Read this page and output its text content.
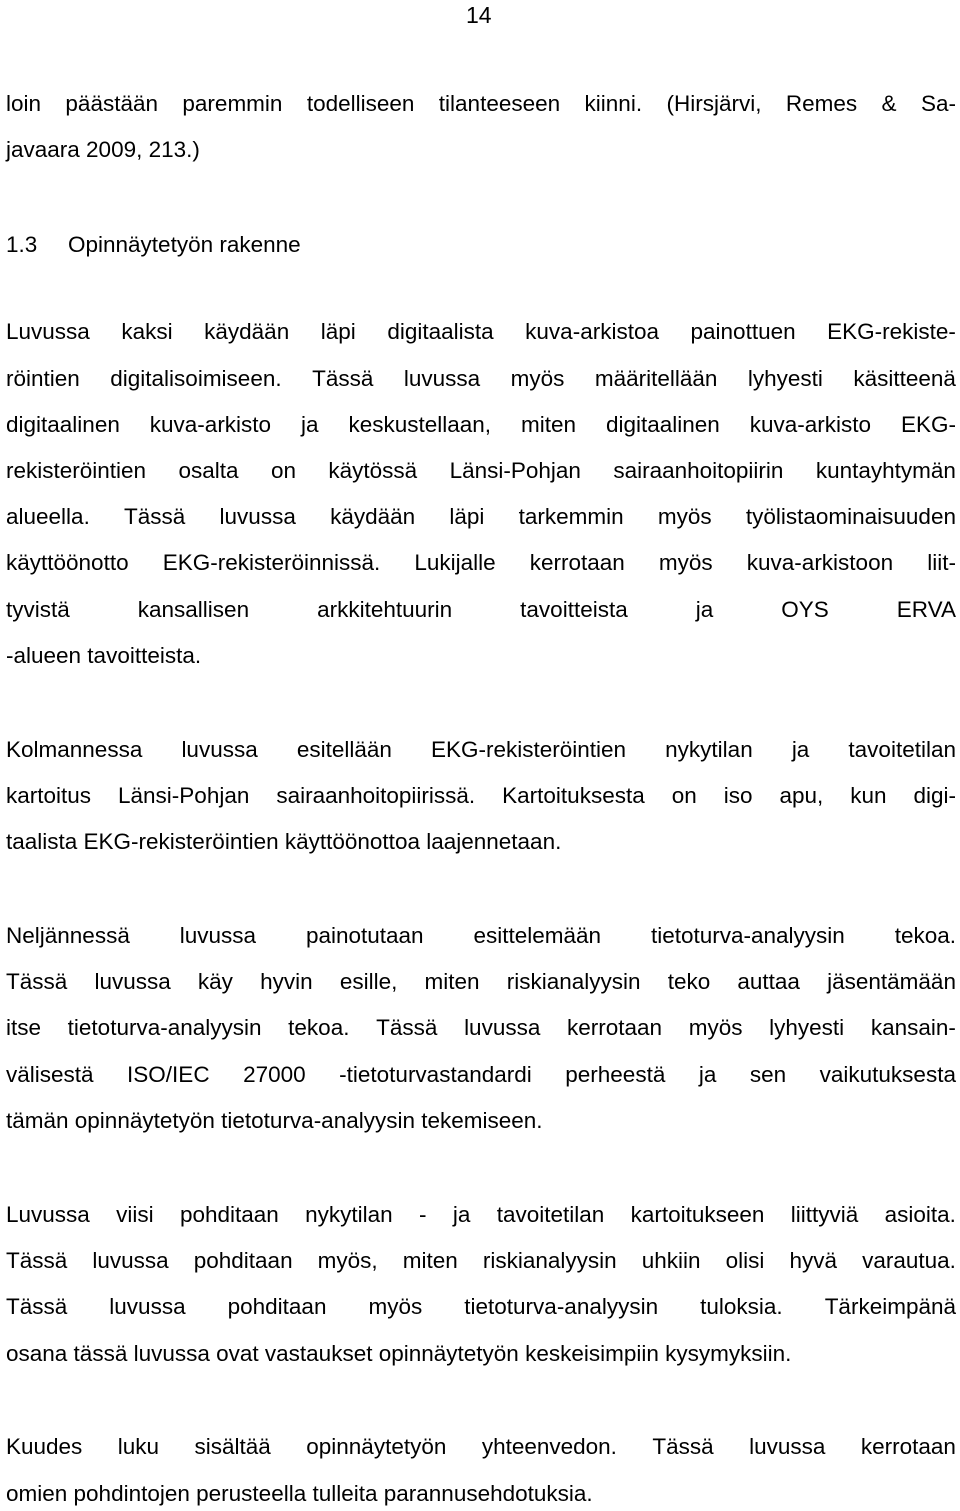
14
loin päästään paremmin todelliseen tilanteeseen kiinni. (Hirsjärvi, Remes & Sa-
javaara 2009, 213.)
1.3 Opinnäytetyön rakenne
Luvussa kaksi käydään läpi digitaalista kuva-arkistoa painottuen EKG-rekiste-
röintien digitalisoimiseen. Tässä luvussa myös määritellään lyhyesti käsitteenä
digitaalinen kuva-arkisto ja keskustellaan, miten digitaalinen kuva-arkisto EKG-
rekisteröintien osalta on käytössä Länsi-Pohjan sairaanhoitopiirin kuntayhtymän
alueella. Tässä luvussa käydään läpi tarkemmin myös työlistaominaisuuden
käyttöönotto EKG-rekisteröinnissä. Lukijalle kerrotaan myös kuva-arkistoon liit-
tyvistä	kansallisen	arkkitehtuurin	tavoitteista	ja	OYS	ERVA
-alueen tavoitteista.
Kolmannessa luvussa esitellään EKG-rekisteröintien nykytilan ja tavoitetilan
kartoitus Länsi-Pohjan sairaanhoitopiirissä. Kartoituksesta on iso apu, kun digi-
taalista EKG-rekisteröintien käyttöönottoa laajennetaan.
Neljännessä luvussa painotutaan esittelemään tietoturva-analyysin tekoa.
Tässä luvussa käy hyvin esille, miten riskianalyysin teko auttaa jäsentämään
itse tietoturva-analyysin tekoa. Tässä luvussa kerrotaan myös lyhyesti kansain-
välisestä ISO/IEC 27000 -tietoturvastandardi perheestä ja sen vaikutuksesta
tämän opinnäytetyön tietoturva-analyysin tekemiseen.
Luvussa viisi pohditaan nykytilan - ja tavoitetilan kartoitukseen liittyviä asioita.
Tässä luvussa pohditaan myös, miten riskianalyysin uhkiin olisi hyvä varautua.
Tässä luvussa pohditaan myös tietoturva-analyysin tuloksia. Tärkeimpänä
osana tässä luvussa ovat vastaukset opinnäytetyön keskeisimpiin kysymyksiin.
Kuudes luku sisältää opinnäytetyön yhteenvedon. Tässä luvussa kerrotaan
omien pohdintojen perusteella tulleita parannusehdotuksia.
